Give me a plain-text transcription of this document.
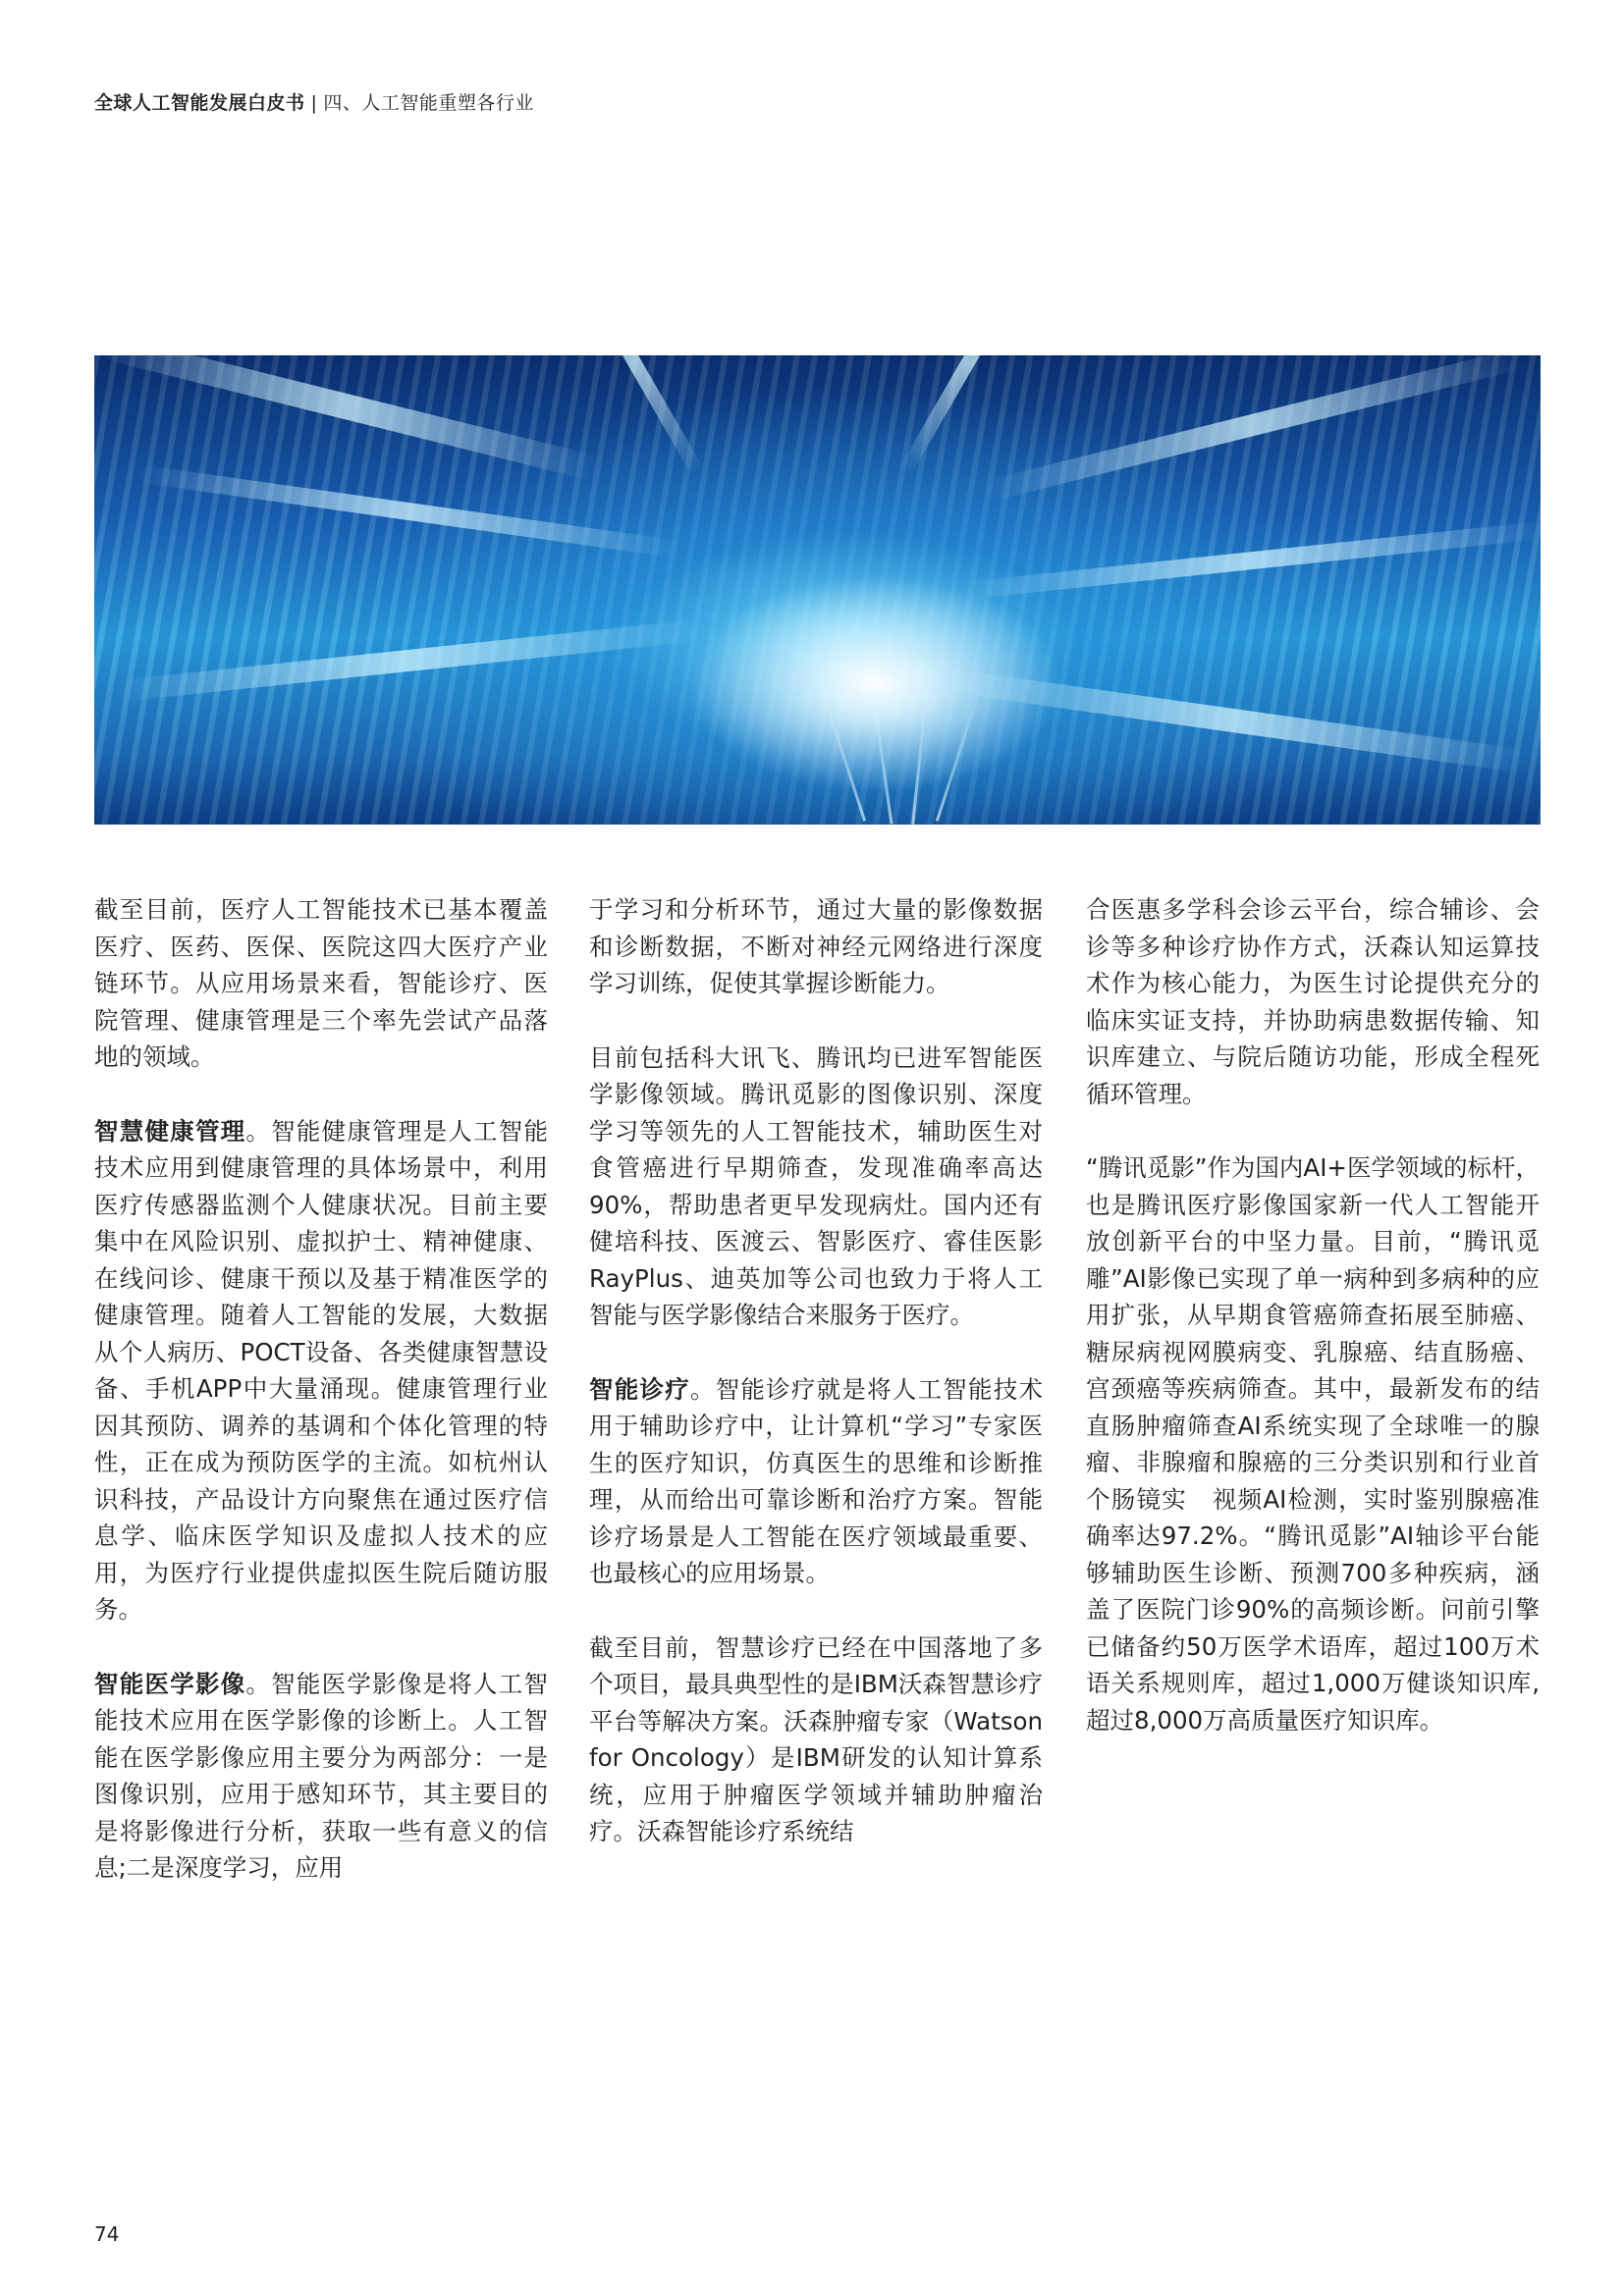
全球人工智能发展白皮书 | 四、人工智能重塑各行业

截至目前，医疗人工智能技术已基本覆盖医疗、医药、医保、医院这四大医疗产业链环节。从应用场景来看，智能诊疗、医院管理、健康管理是三个率先尝试产品落地的领域。

智慧健康管理。智能健康管理是人工智能技术应用到健康管理的具体场景中，利用医疗传感器监测个人健康状况。目前主要集中在风险识别、虚拟护士、精神健康、在线问诊、健康干预以及基于精准医学的健康管理。随着人工智能的发展，大数据从个人病历、POCT设备、各类健康智慧设备、手机APP中大量涌现。健康管理行业因其预防、调养的基调和个体化管理的特性，正在成为预防医学的主流。如杭州认识科技，产品设计方向聚焦在通过医疗信息学、临床医学知识及虚拟人技术的应用，为医疗行业提供虚拟医生院后随访服务。

智能医学影像。智能医学影像是将人工智能技术应用在医学影像的诊断上。人工智能在医学影像应用主要分为两部分：一是图像识别，应用于感知环节，其主要目的是将影像进行分析，获取一些有意义的信息;二是深度学习，应用

于学习和分析环节，通过大量的影像数据和诊断数据，不断对神经元网络进行深度学习训练，促使其掌握诊断能力。

目前包括科大讯飞、腾讯均已进军智能医学影像领域。腾讯觅影的图像识别、深度学习等领先的人工智能技术，辅助医生对食管癌进行早期筛查，发现准确率高达90%，帮助患者更早发现病灶。国内还有健培科技、医渡云、智影医疗、睿佳医影RayPlus、迪英加等公司也致力于将人工智能与医学影像结合来服务于医疗。

智能诊疗。智能诊疗就是将人工智能技术用于辅助诊疗中，让计算机“学习”专家医生的医疗知识，仿真医生的思维和诊断推理，从而给出可靠诊断和治疗方案。智能诊疗场景是人工智能在医疗领域最重要、也最核心的应用场景。

截至目前，智慧诊疗已经在中国落地了多个项目，最具典型性的是IBM沃森智慧诊疗平台等解决方案。沃森肿瘤专家（Watson for Oncology）是IBM研发的认知计算系统，应用于肿瘤医学领域并辅助肿瘤治疗。沃森智能诊疗系统结

合医惠多学科会诊云平台，综合辅诊、会诊等多种诊疗协作方式，沃森认知运算技术作为核心能力，为医生讨论提供充分的临床实证支持，并协助病患数据传输、知识库建立、与院后随访功能，形成全程死循环管理。

“腾讯觅影”作为国内AI+医学领域的标杆，也是腾讯医疗影像国家新一代人工智能开放创新平台的中坚力量。目前，“腾讯觅雕”AI影像已实现了单一病种到多病种的应用扩张，从早期食管癌筛查拓展至肺癌、糖尿病视网膜病变、乳腺癌、结直肠癌、宫颈癌等疾病筛查。其中，最新发布的结直肠肿瘤筛查AI系统实现了全球唯一的腺瘤、非腺瘤和腺癌的三分类识别和行业首个肠镜实　视频AI检测，实时鉴别腺癌准确率达97.2%。“腾讯觅影”AI轴诊平台能够辅助医生诊断、预测700多种疾病，涵盖了医院门诊90%的高频诊断。问前引擎已储备约50万医学术语库，超过100万术语关系规则库，超过1,000万健谈知识库,超过8,000万高质量医疗知识库。

74
